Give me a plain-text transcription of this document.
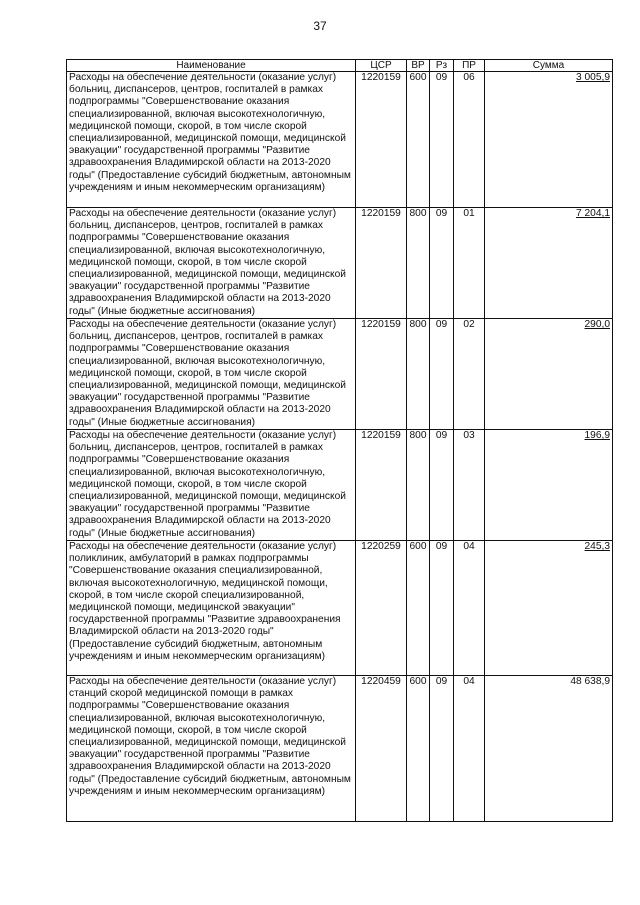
37
Наименование	ЦСР	ВР	Рз	ПР	Сумма
Расходы на обеспечение деятельности (оказание услуг) больниц, диспансеров, центров, госпиталей в рамках подпрограммы "Совершенствование оказания специализированной, включая высокотехнологичную, медицинской помощи, скорой, в том числе скорой специализированной, медицинской помощи, медицинской эвакуации" государственной программы "Развитие здравоохранения Владимирской области на 2013-2020 годы" (Предоставление субсидий бюджетным, автономным учреждениям и иным некоммерческим организациям)	1220159	600	09	06	3 005,9
Расходы на обеспечение деятельности (оказание услуг) больниц, диспансеров, центров, госпиталей в рамках подпрограммы "Совершенствование оказания специализированной, включая высокотехнологичную, медицинской помощи, скорой, в том числе скорой специализированной, медицинской помощи, медицинской эвакуации" государственной программы "Развитие здравоохранения Владимирской области на 2013-2020 годы" (Иные бюджетные ассигнования)	1220159	800	09	01	7 204,1
Расходы на обеспечение деятельности (оказание услуг) больниц, диспансеров, центров, госпиталей в рамках подпрограммы "Совершенствование оказания специализированной, включая высокотехнологичную, медицинской помощи, скорой, в том числе скорой специализированной, медицинской помощи, медицинской эвакуации" государственной программы "Развитие здравоохранения Владимирской области на 2013-2020 годы" (Иные бюджетные ассигнования)	1220159	800	09	02	290,0
Расходы на обеспечение деятельности (оказание услуг) больниц, диспансеров, центров, госпиталей в рамках подпрограммы "Совершенствование оказания специализированной, включая высокотехнологичную, медицинской помощи, скорой, в том числе скорой специализированной, медицинской помощи, медицинской эвакуации" государственной программы "Развитие здравоохранения Владимирской области на 2013-2020 годы" (Иные бюджетные ассигнования)	1220159	800	09	03	196,9
Расходы на обеспечение деятельности (оказание услуг) поликлиник, амбулаторий в рамках подпрограммы "Совершенствование оказания специализированной, включая высокотехнологичную, медицинской помощи, скорой, в том числе скорой специализированной, медицинской помощи, медицинской эвакуации" государственной программы "Развитие здравоохранения Владимирской области на 2013-2020 годы" (Предоставление субсидий бюджетным, автономным учреждениям и иным некоммерческим организациям)	1220259	600	09	04	245,3
Расходы на обеспечение деятельности (оказание услуг) станций скорой медицинской помощи в рамках подпрограммы "Совершенствование оказания специализированной, включая высокотехнологичную, медицинской помощи, скорой, в том числе скорой специализированной, медицинской помощи, медицинской эвакуации" государственной программы "Развитие здравоохранения Владимирской области на 2013-2020 годы" (Предоставление субсидий бюджетным, автономным учреждениям и иным некоммерческим организациям)	1220459	600	09	04	48 638,9
